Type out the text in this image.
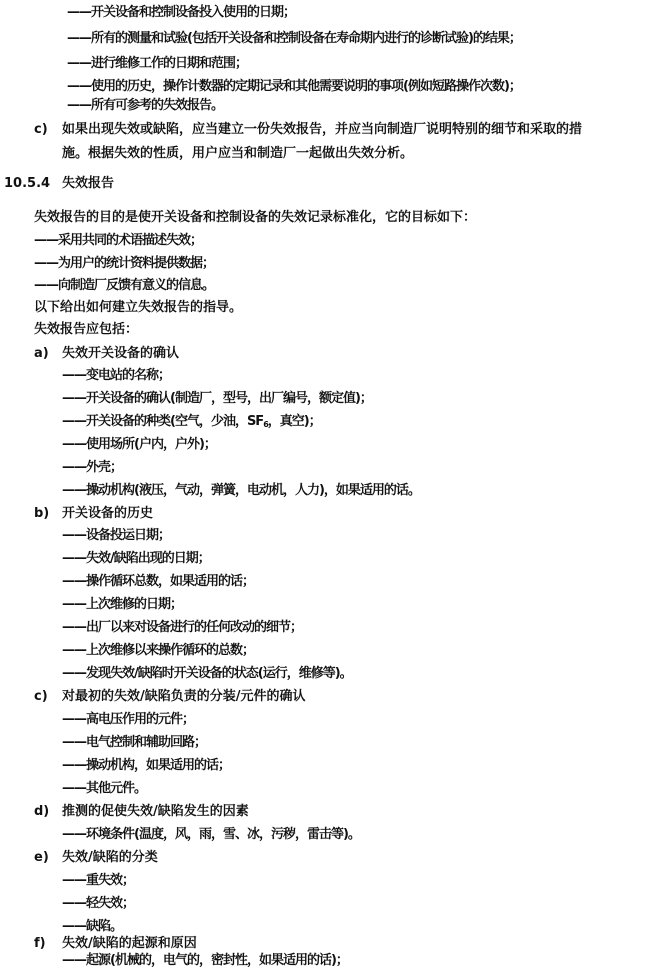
——开关设备和控制设备投入使用的日期；
——所有的测量和试验(包括开关设备和控制设备在寿命期内进行的诊断试验)的结果；
——进行维修工作的日期和范围；
——使用的历史，操作计数器的定期记录和其他需要说明的事项(例如短路操作次数)；
——所有可参考的失效报告。
c) 如果出现失效或缺陷，应当建立一份失效报告，并应当向制造厂说明特别的细节和采取的措
施。根据失效的性质，用户应当和制造厂一起做出失效分析。
10.5.4 失效报告
失效报告的目的是使开关设备和控制设备的失效记录标准化，它的目标如下：
——采用共同的术语描述失效；
——为用户的统计资料提供数据；
——向制造厂反馈有意义的信息。
以下给出如何建立失效报告的指导。
失效报告应包括：
a) 失效开关设备的确认
——变电站的名称；
——开关设备的确认(制造厂，型号，出厂编号，额定值)；
——开关设备的种类(空气，少油，$SF_6$，真空)；
——使用场所(户内，户外)；
——外壳；
——操动机构(液压，气动，弹簧，电动机，人力)，如果适用的话。
b) 开关设备的历史
——设备投运日期；
——失效/缺陷出现的日期；
——操作循环总数，如果适用的话；
——上次维修的日期；
——出厂以来对设备进行的任何改动的细节；
——上次维修以来操作循环的总数；
——发现失效/缺陷时开关设备的状态(运行，维修等)。
c) 对最初的失效/缺陷负责的分装/元件的确认
——高电压作用的元件；
——电气控制和辅助回路；
——操动机构，如果适用的话；
——其他元件。
d) 推测的促使失效/缺陷发生的因素
——环境条件(温度，风，雨，雪、冰，污秽，雷击等)。
e) 失效/缺陷的分类
——重失效；
——轻失效；
——缺陷。
f) 失效/缺陷的起源和原因
——起源(机械的，电气的，密封性，如果适用的话)；
